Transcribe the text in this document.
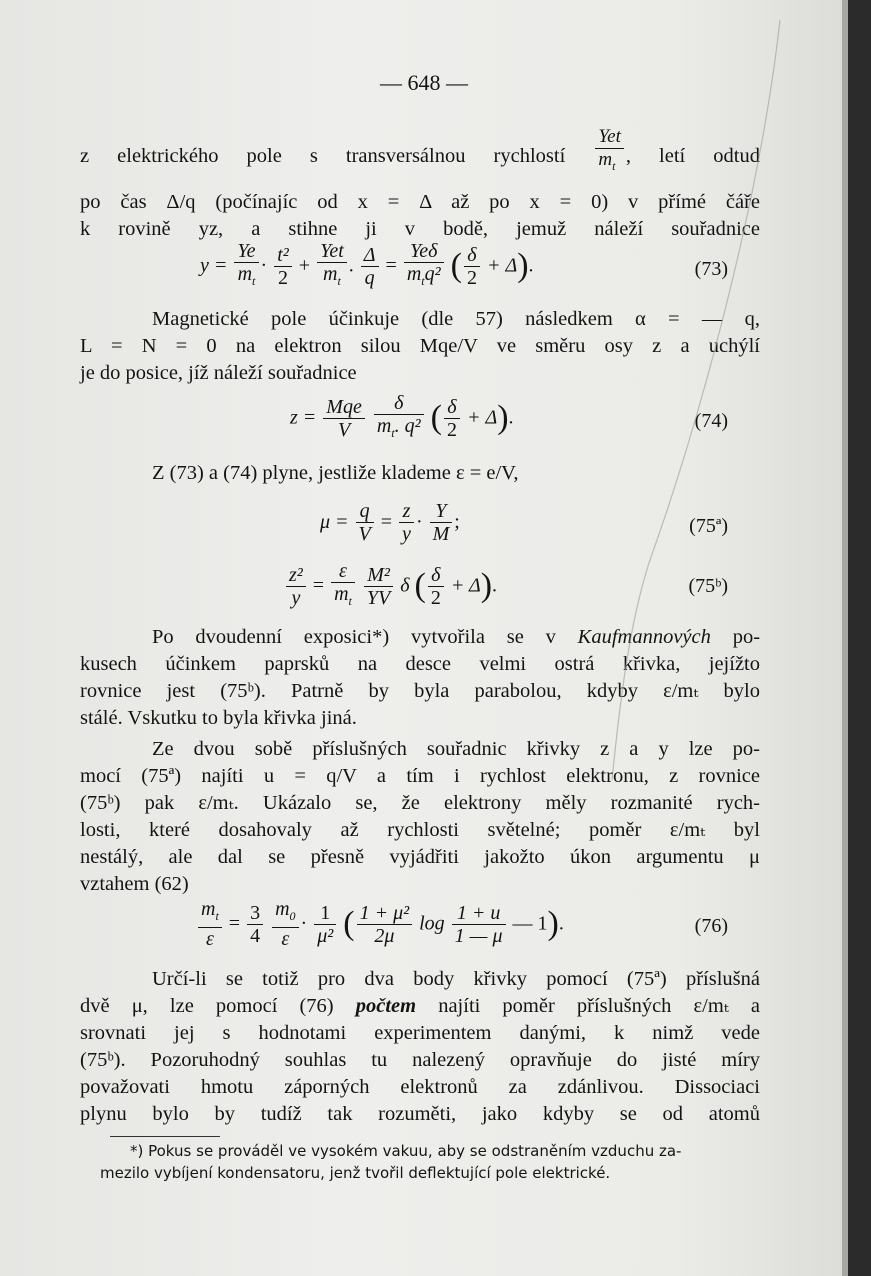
— 648 —
z elektrického pole s transversálnou rychlostí $\frac{\text{Yet}}{m_t}$ , letí odtud
po čas Δ/q (počínajíc od x = Δ až po x = 0) v přímé čáře
k rovině yz, a stihne ji v bodě, jemuž náleží souřadnice
$y = \frac{Ye}{m_t} \cdot \frac{\text{t²}}{2} + \frac{\text{Yet}}{m_t}$ . $\frac{\Delta}{q} = \frac{\text{Yeδ}}{m_tq^2}$ ( $\frac{\delta}{2} + \Delta$).	(73)
Magnetické pole účinkuje (dle 57) následkem α = — q,
L = N = 0 na elektron silou Mqe/V ve směru osy z a uchýlí
je do posice, jíž náleží souřadnice
$z = \frac{\text{Mqe}}{V}$
$\frac{\delta}{m_t. q^2}$ ( $\frac{\delta}{2} + \Delta$).	(74)
Z (73) a (74) plyne, jestliže klademe ε = e/V,
$\mu = \frac{q}{V} = \frac{z}{y} \cdot \frac{Y}{M}$ ;	(75ª)
$\frac{\text{z²}}{y} = \frac{\varepsilon}{m_t}$
$\frac{\text{M²}}{YV}$ δ ( $\frac{\delta}{2} + \Delta$).	(75ᵇ)
Po dvoudenní exposici*) vytvořila se v Kaufmannových po-
kusech účinkem paprsků na desce velmi ostrá křivka, jejížto
rovnice jest (75ᵇ). Patrně by byla parabolou, kdyby ε/mₜ bylo
stálé. Vskutku to byla křivka jiná.
Ze dvou sobě příslušných souřadnic křivky z a y lze po-
mocí (75ª) najíti u = q/V a tím i rychlost elektronu, z rovnice
(75ᵇ) pak ε/mₜ. Ukázalo se, že elektrony měly rozmanité rych-
losti, které dosahovaly až rychlosti světelné; poměr ε/mₜ byl
nestálý, ale dal se přesně vyjádřiti jakožto úkon argumentu μ
vztahem (62)
$\frac{m_t}{\varepsilon} = \frac{3}{4}$
$\frac{m_0}{\varepsilon} \cdot \frac{1}{\text{μ²}}$ ( $\frac{\text{1 + μ²}}{2\mu}$ $\log \frac{1 + u}{1 — \mu}$ — 1).	(76)
Určí-li se totiž pro dva body křivky pomocí (75ª) příslušná
dvě μ, lze pomocí (76) počtem najíti poměr příslušných ε/mₜ a
srovnati jej s hodnotami experimentem danými, k nimž vede
(75ᵇ). Pozoruhodný souhlas tu nalezený opravňuje do jisté míry
považovati hmotu záporných elektronů za zdánlivou. Dissociaci
plynu bylo by tudíž tak rozuměti, jako kdyby se od atomů
*) Pokus se prováděl ve vysokém vakuu, aby se odstraněním vzduchu za-
mezilo vybíjení kondensatoru, jenž tvořil deflektující pole elektrické.
